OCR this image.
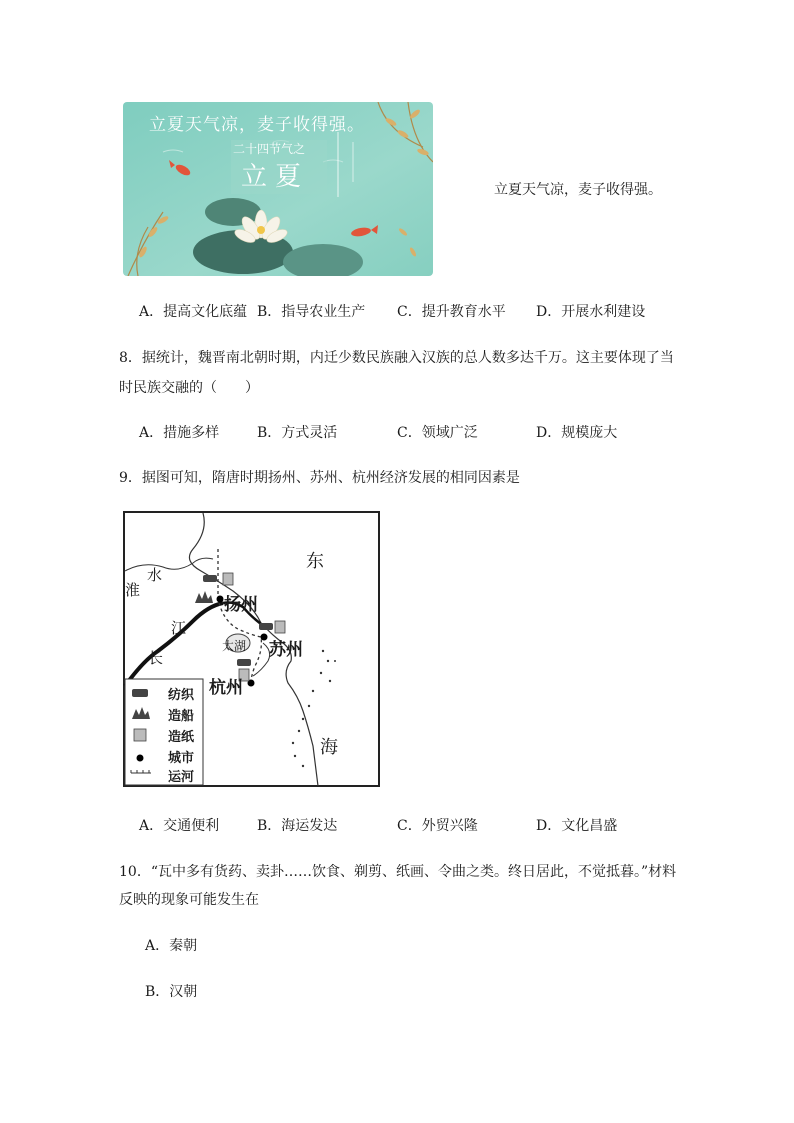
立夏天气凉，麦子收得强。
二十四节气之
立夏	立夏天气凉，麦子收得强。
A．提高文化底蕴 B．指导农业生产 C．提升教育水平 D．开展水利建设
8．据统计，魏晋南北朝时期，内迁少数民族融入汉族的总人数多达千万。这主要体现了当
时民族交融的（　　）
A．措施多样	B．方式灵活	C．领域广泛	D．规模庞大
9．据图可知，隋唐时期扬州、苏州、杭州经济发展的相同因素是
东
海
淮
水
江
长
太湖
扬州
苏州
杭州
纺织
造船
造纸
城市
运河
A．交通便利	B．海运发达	C．外贸兴隆	D．文化昌盛
10．“瓦中多有货药、卖卦……饮食、剃剪、纸画、令曲之类。终日居此，不觉抵暮。”材料
反映的现象可能发生在
A．秦朝
B．汉朝
